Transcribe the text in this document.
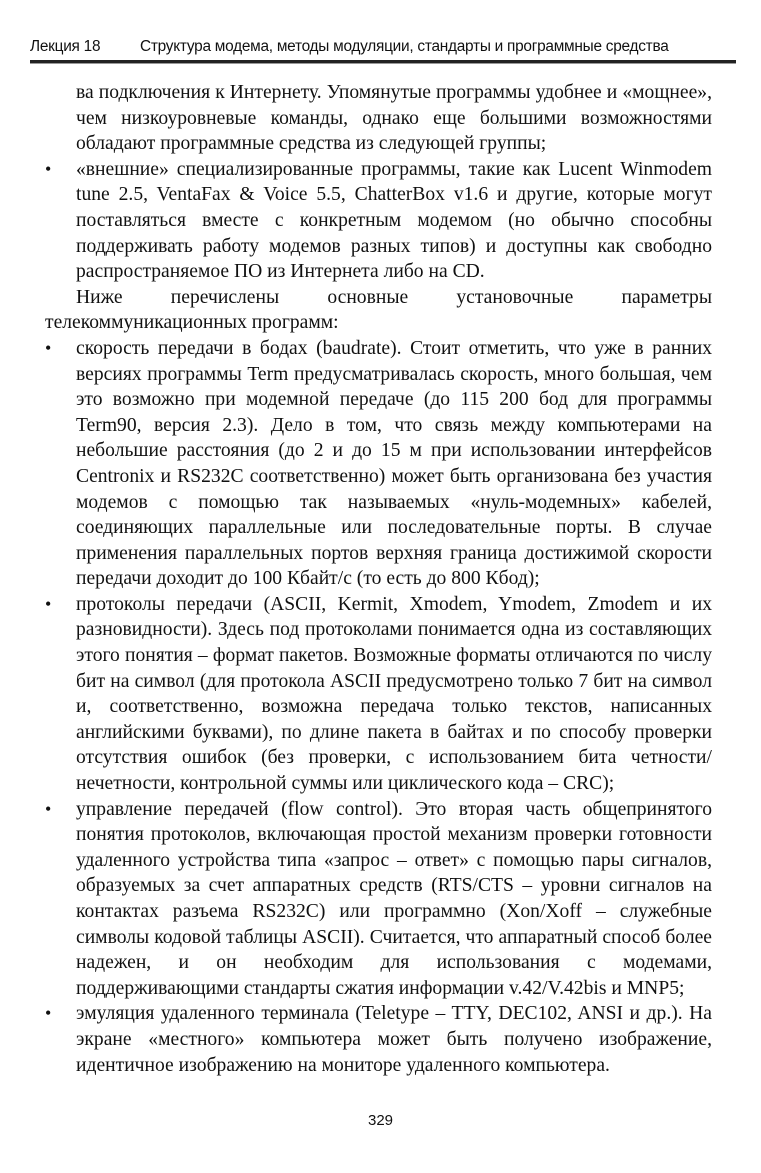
Лекция 18	Структура модема, методы модуляции, стандарты и программные средства

ва подключения к Интернету. Упомянутые программы удобнее и «мощнее», чем низкоуровневые команды, однако еще большими возможностями обладают программные средства из следующей группы;

•	«внешние» специализированные программы, такие как Lucent Winmodem tune 2.5, VentaFax & Voice 5.5, ChatterBox v1.6 и другие, которые могут поставляться вместе с конкретным модемом (но обычно способны поддерживать работу модемов разных типов) и доступны как свободно распространяемое ПО из Интернета либо на CD.

Ниже перечислены основные установочные параметры телекоммуникационных программ:

•	скорость передачи в бодах (baudrate). Стоит отметить, что уже в ранних версиях программы Term предусматривалась скорость, много большая, чем это возможно при модемной передаче (до 115 200 бод для программы Term90, версия 2.3). Дело в том, что связь между компьютерами на небольшие расстояния (до 2 и до 15 м при использовании интерфейсов Centronix и RS232C соответственно) может быть организована без участия модемов с помощью так называемых «нуль-модемных» кабелей, соединяющих параллельные или последовательные порты. В случае применения параллельных портов верхняя граница достижимой скорости передачи доходит до 100 Кбайт/с (то есть до 800 Кбод);
•	протоколы передачи (ASCII, Kermit, Xmodem, Ymodem, Zmodem и их разновидности). Здесь под протоколами понимается одна из составляющих этого понятия – формат пакетов. Возможные форматы отличаются по числу бит на символ (для протокола ASCII предусмотрено только 7 бит на символ и, соответственно, возможна передача только текстов, написанных английскими буквами), по длине пакета в байтах и по способу проверки отсутствия ошибок (без проверки, с использованием бита четности/нечетности, контрольной суммы или циклического кода – CRC);
•	управление передачей (flow control). Это вторая часть общепринятого понятия протоколов, включающая простой механизм проверки готовности удаленного устройства типа «запрос – ответ» с помощью пары сигналов, образуемых за счет аппаратных средств (RTS/CTS – уровни сигналов на контактах разъема RS232C) или программно (Xon/Xoff – служебные символы кодовой таблицы ASCII). Считается, что аппаратный способ более надежен, и он необходим для использования с модемами, поддерживающими стандарты сжатия информации v.42/V.42bis и MNP5;
•	эмуляция удаленного терминала (Teletype – TTY, DEC102, ANSI и др.). На экране «местного» компьютера может быть получено изображение, идентичное изображению на мониторе удаленного компьютера.
329
